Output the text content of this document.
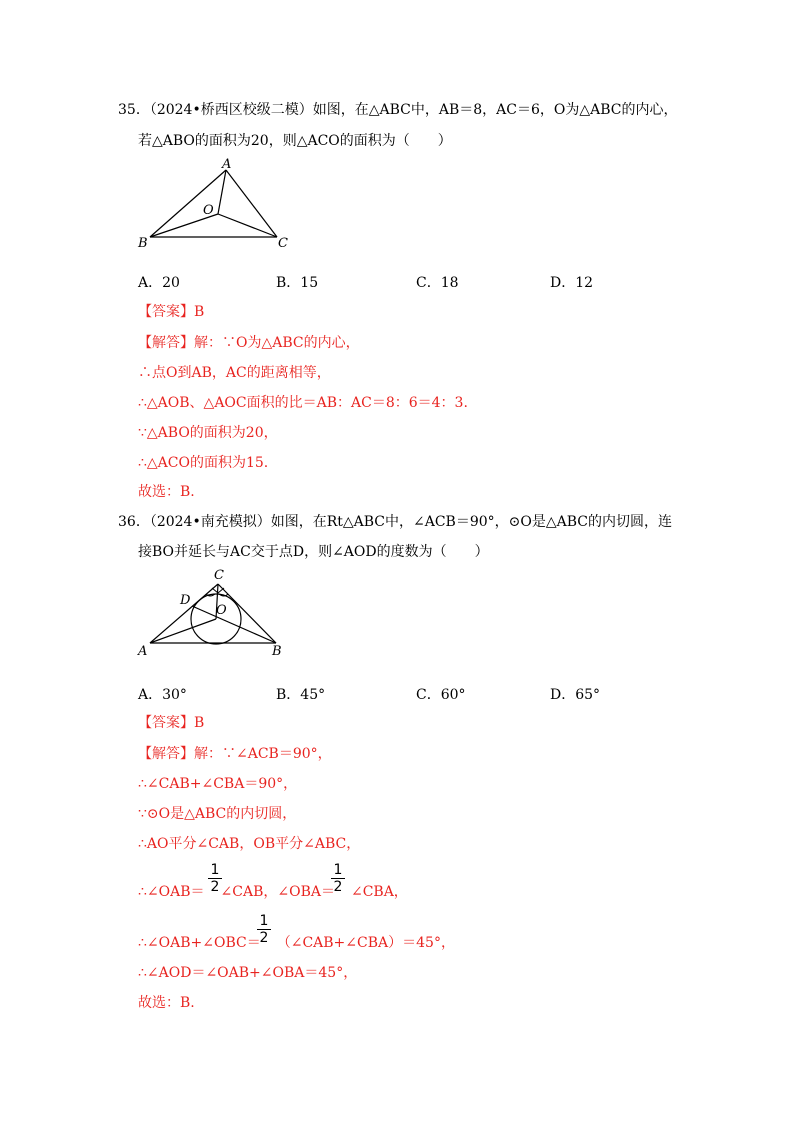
35．（2024•桥西区校级二模）如图，在△ABC中，AB＝8，AC＝6，O为△ABC的内心，
若△ABO的面积为20，则△ACO的面积为（　　）
A
B	C
O
A．20	B．15	C．18	D．12
【答案】B
【解答】解：∵O为△ABC的内心，
∴点O到AB，AC的距离相等，
∴△AOB、△AOC面积的比＝AB：AC＝8：6＝4：3.
∵△ABO的面积为20，
∴△ACO的面积为15.
故选：B.
36．（2024•南充模拟）如图，在Rt△ABC中，∠ACB＝90°，⊙O是△ABC的内切圆，连
接BO并延长与AC交于点D，则∠AOD的度数为（　　）
C
D
O
A	B
A．30°	B．45°	C．60°	D．65°
【答案】B
【解答】解：∵∠ACB＝90°，
∴∠CAB+∠CBA＝90°，
∵⊙O是△ABC的内切圆，
∴AO平分∠CAB，OB平分∠ABC，
∴∠OAB＝ ∠CAB，∠OBA＝ ∠CBA，
1
2
1
2
∴∠OAB+∠OBC＝ （∠CAB+∠CBA）＝45°，
1
2
∴∠AOD＝∠OAB+∠OBA＝45°，
故选：B.
